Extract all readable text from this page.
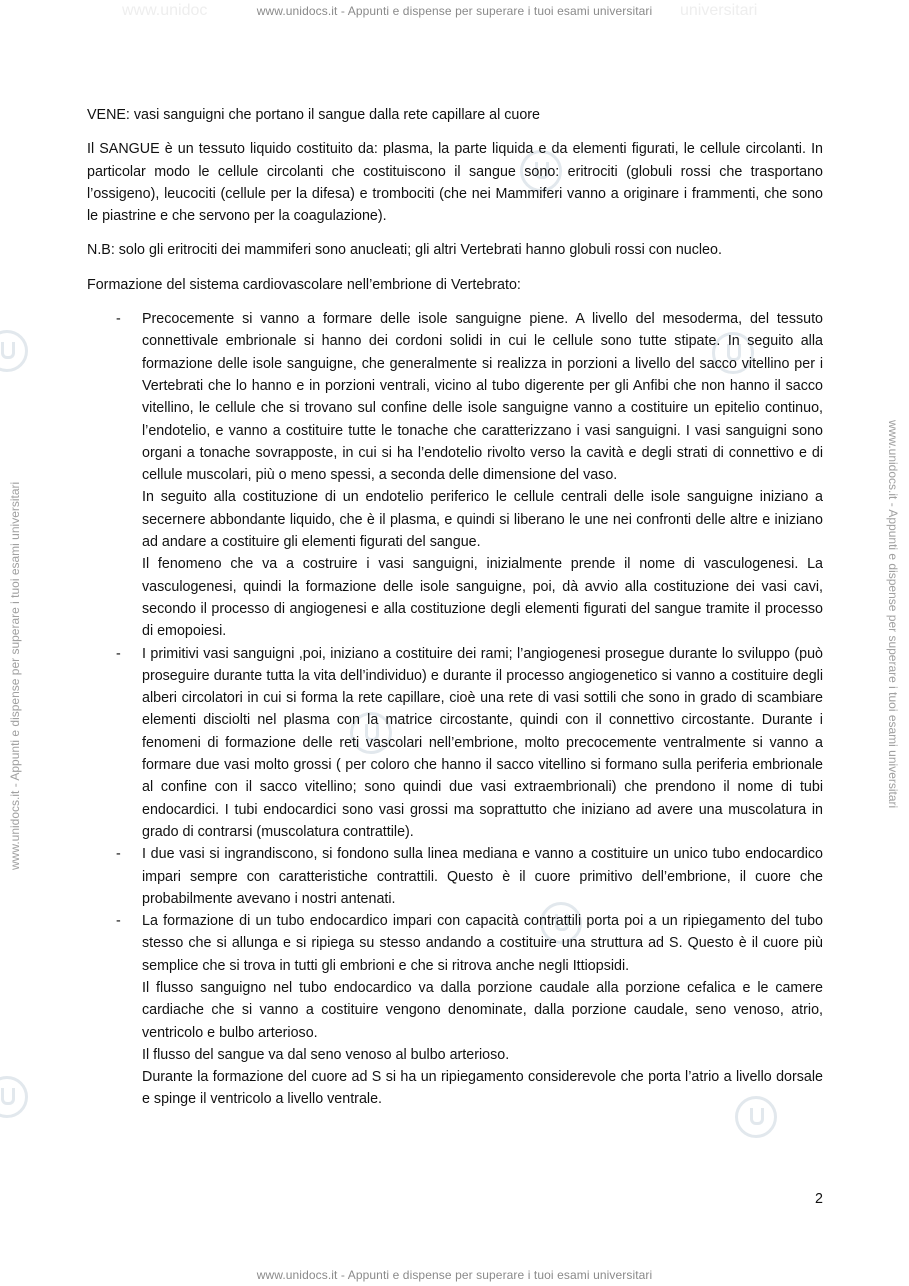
www.unidoc	universitari
www.unidocs.it - Appunti e dispense per superare i tuoi esami universitari
www.unidocs.it - Appunti e dispense per superare i tuoi esami universitari	www.unidocs.it - Appunti e dispense per superare i tuoi esami universitari

VENE: vasi sanguigni che portano il sangue dalla rete capillare al cuore

Il SANGUE è un tessuto liquido costituito da: plasma, la parte liquida e da elementi figurati, le cellule circolanti. In particolar modo le cellule circolanti che costituiscono il sangue sono: eritrociti (globuli rossi che trasportano l’ossigeno), leucociti (cellule per la difesa) e trombociti (che nei Mammiferi vanno a originare i frammenti, che sono le piastrine e che servono per la coagulazione).

N.B: solo gli eritrociti dei mammiferi sono anucleati; gli altri Vertebrati hanno globuli rossi con nucleo.

Formazione del sistema cardiovascolare nell’embrione di Vertebrato:

- Precocemente si vanno a formare delle isole sanguigne piene. A livello del mesoderma, del tessuto connettivale embrionale si hanno dei cordoni solidi in cui le cellule sono tutte stipate. In seguito alla formazione delle isole sanguigne, che generalmente si realizza in porzioni a livello del sacco vitellino per i Vertebrati che lo hanno e in porzioni ventrali, vicino al tubo digerente per gli Anfibi che non hanno il sacco vitellino, le cellule che si trovano sul confine delle isole sanguigne vanno a costituire un epitelio continuo, l’endotelio, e vanno a costituire tutte le tonache che caratterizzano i vasi sanguigni. I vasi sanguigni sono organi a tonache sovrapposte, in cui si ha l’endotelio rivolto verso la cavità e degli strati di connettivo e di cellule muscolari, più o meno spessi, a seconda delle dimensione del vaso.

In seguito alla costituzione di un endotelio periferico le cellule centrali delle isole sanguigne iniziano a secernere abbondante liquido, che è il plasma, e quindi si liberano le une nei confronti delle altre e iniziano ad andare a costituire gli elementi figurati del sangue.

Il fenomeno che va a costruire i vasi sanguigni, inizialmente prende il nome di vasculogenesi. La vasculogenesi, quindi la formazione delle isole sanguigne, poi, dà avvio alla costituzione dei vasi cavi, secondo il processo di angiogenesi e alla costituzione degli elementi figurati del sangue tramite il processo di emopoiesi.

- I primitivi vasi sanguigni ,poi, iniziano a costituire dei rami; l’angiogenesi prosegue durante lo sviluppo (può proseguire durante tutta la vita dell’individuo) e durante il processo angiogenetico si vanno a costituire degli alberi circolatori in cui si forma la rete capillare, cioè una rete di vasi sottili che sono in grado di scambiare elementi disciolti nel plasma con la matrice circostante, quindi con il connettivo circostante. Durante i fenomeni di formazione delle reti vascolari nell’embrione, molto precocemente ventralmente si vanno a formare due vasi molto grossi ( per coloro che hanno il sacco vitellino si formano sulla periferia embrionale al confine con il sacco vitellino; sono quindi due vasi extraembrionali) che prendono il nome di tubi endocardici. I tubi endocardici sono vasi grossi ma soprattutto che iniziano ad avere una muscolatura in grado di contrarsi (muscolatura contrattile).

- I due vasi si ingrandiscono, si fondono sulla linea mediana e vanno a costituire un unico tubo endocardico impari sempre con caratteristiche contrattili. Questo è il cuore primitivo dell’embrione, il cuore che probabilmente avevano i nostri antenati.

- La formazione di un tubo endocardico impari con capacità contrattili porta poi a un ripiegamento del tubo stesso che si allunga e si ripiega su stesso andando a costituire una struttura ad S. Questo è il cuore più semplice che si trova in tutti gli embrioni e che si ritrova anche negli Ittiopsidi.

Il flusso sanguigno nel tubo endocardico va dalla porzione caudale alla porzione cefalica e le camere cardiache che si vanno a costituire vengono denominate, dalla porzione caudale, seno venoso, atrio, ventricolo e bulbo arterioso.

Il flusso del sangue va dal seno venoso al bulbo arterioso.

Durante la formazione del cuore ad S si ha un ripiegamento considerevole che porta l’atrio a livello dorsale e spinge il ventricolo a livello ventrale.

2
www.unidocs.it - Appunti e dispense per superare i tuoi esami universitari
